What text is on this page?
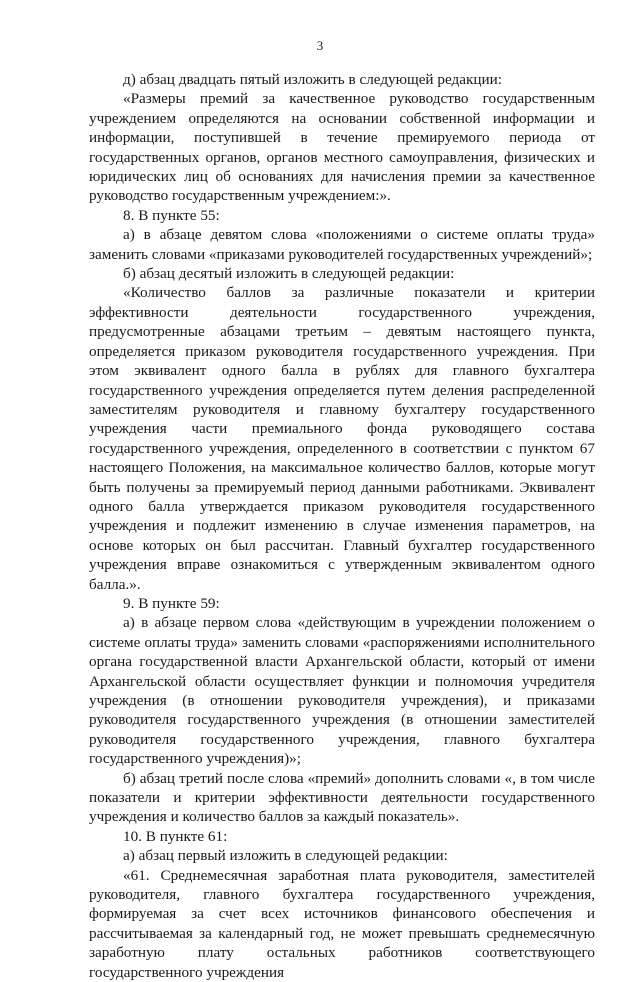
3

д) абзац двадцать пятый изложить в следующей редакции:

«Размеры премий за качественное руководство государственным учреждением определяются на основании собственной информации и информации, поступившей в течение премируемого периода от государственных органов, органов местного самоуправления, физических и юридических лиц об основаниях для начисления премии за качественное руководство государственным учреждением:».

8. В пункте 55:

а) в абзаце девятом слова «положениями о системе оплаты труда» заменить словами «приказами руководителей государственных учреждений»;

б) абзац десятый изложить в следующей редакции:

«Количество баллов за различные показатели и критерии эффективности деятельности государственного учреждения, предусмотренные абзацами третьим – девятым настоящего пункта, определяется приказом руководителя государственного учреждения. При этом эквивалент одного балла в рублях для главного бухгалтера государственного учреждения определяется путем деления распределенной заместителям руководителя и главному бухгалтеру государственного учреждения части премиального фонда руководящего состава государственного учреждения, определенного в соответствии с пунктом 67 настоящего Положения, на максимальное количество баллов, которые могут быть получены за премируемый период данными работниками. Эквивалент одного балла утверждается приказом руководителя государственного учреждения и подлежит изменению в случае изменения параметров, на основе которых он был рассчитан. Главный бухгалтер государственного учреждения вправе ознакомиться с утвержденным эквивалентом одного балла.».

9. В пункте 59:

а) в абзаце первом слова «действующим в учреждении положением о системе оплаты труда» заменить словами «распоряжениями исполнительного органа государственной власти Архангельской области, который от имени Архангельской области осуществляет функции и полномочия учредителя учреждения (в отношении руководителя учреждения), и приказами руководителя государственного учреждения (в отношении заместителей руководителя государственного учреждения, главного бухгалтера государственного учреждения)»;

б) абзац третий после слова «премий» дополнить словами «, в том числе показатели и критерии эффективности деятельности государственного учреждения и количество баллов за каждый показатель».

10. В пункте 61:

а) абзац первый изложить в следующей редакции:

«61. Среднемесячная заработная плата руководителя, заместителей руководителя, главного бухгалтера государственного учреждения, формируемая за счет всех источников финансового обеспечения и рассчитываемая за календарный год, не может превышать среднемесячную заработную плату остальных работников соответствующего государственного учреждения
